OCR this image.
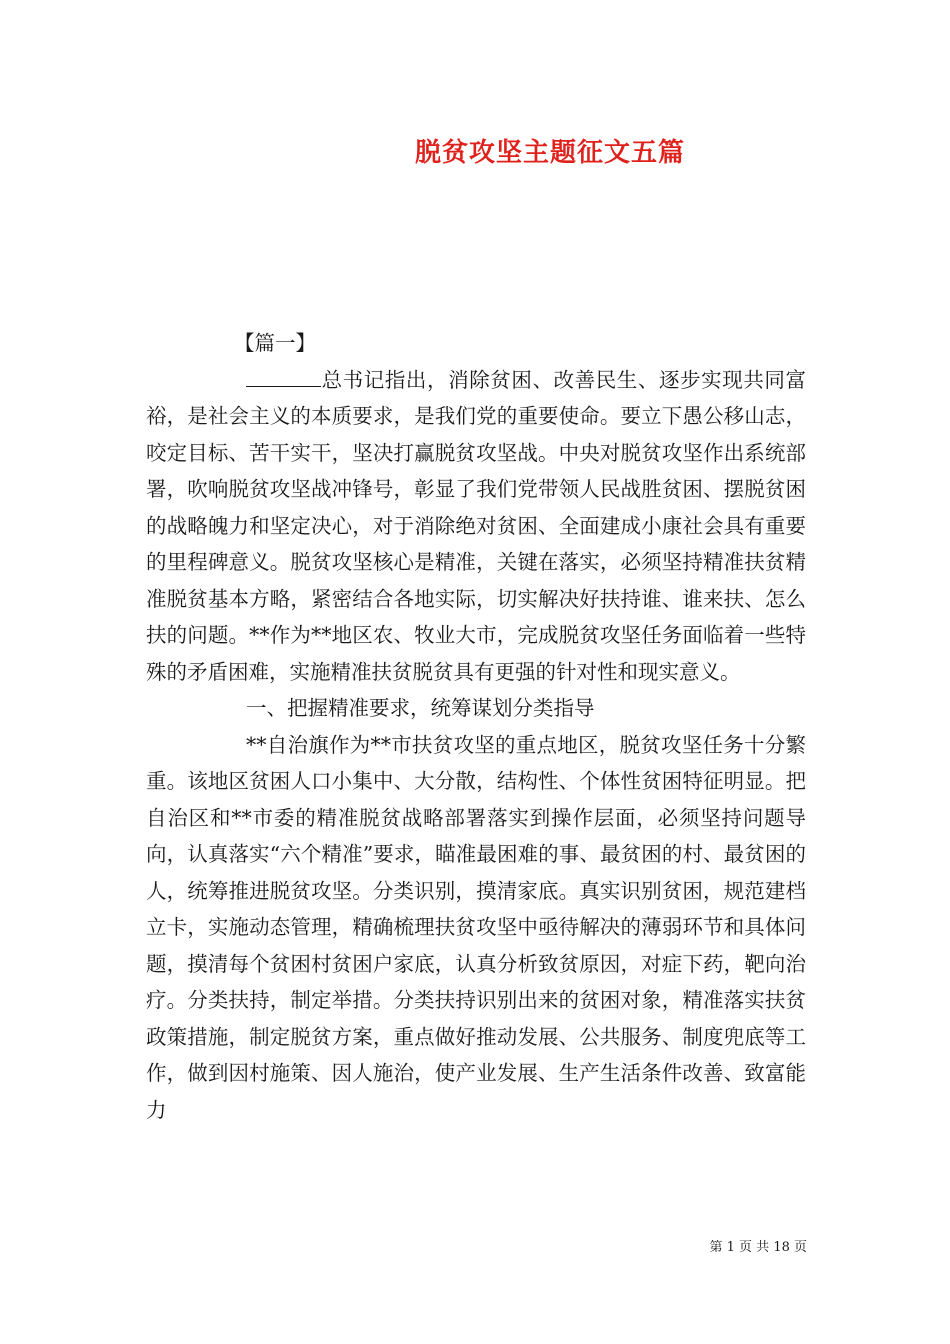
脱贫攻坚主题征文五篇

【篇一】

总书记指出，消除贫困、改善民生、逐步实现共同富裕，是社会主义的本质要求，是我们党的重要使命。要立下愚公移山志，咬定目标、苦干实干，坚决打赢脱贫攻坚战。中央对脱贫攻坚作出系统部署，吹响脱贫攻坚战冲锋号，彰显了我们党带领人民战胜贫困、摆脱贫困的战略魄力和坚定决心，对于消除绝对贫困、全面建成小康社会具有重要的里程碑意义。脱贫攻坚核心是精准，关键在落实，必须坚持精准扶贫精准脱贫基本方略，紧密结合各地实际，切实解决好扶持谁、谁来扶、怎么扶的问题。**作为**地区农、牧业大市，完成脱贫攻坚任务面临着一些特殊的矛盾困难，实施精准扶贫脱贫具有更强的针对性和现实意义。

一、把握精准要求，统筹谋划分类指导

**自治旗作为**市扶贫攻坚的重点地区，脱贫攻坚任务十分繁重。该地区贫困人口小集中、大分散，结构性、个体性贫困特征明显。把自治区和**市委的精准脱贫战略部署落实到操作层面，必须坚持问题导向，认真落实“六个精准”要求，瞄准最困难的事、最贫困的村、最贫困的人，统筹推进脱贫攻坚。分类识别，摸清家底。真实识别贫困，规范建档立卡，实施动态管理，精确梳理扶贫攻坚中亟待解决的薄弱环节和具体问题，摸清每个贫困村贫困户家底，认真分析致贫原因，对症下药，靶向治疗。分类扶持，制定举措。分类扶持识别出来的贫困对象，精准落实扶贫政策措施，制定脱贫方案，重点做好推动发展、公共服务、制度兜底等工作，做到因村施策、因人施治，使产业发展、生产生活条件改善、致富能力

第 1 页 共 18 页
